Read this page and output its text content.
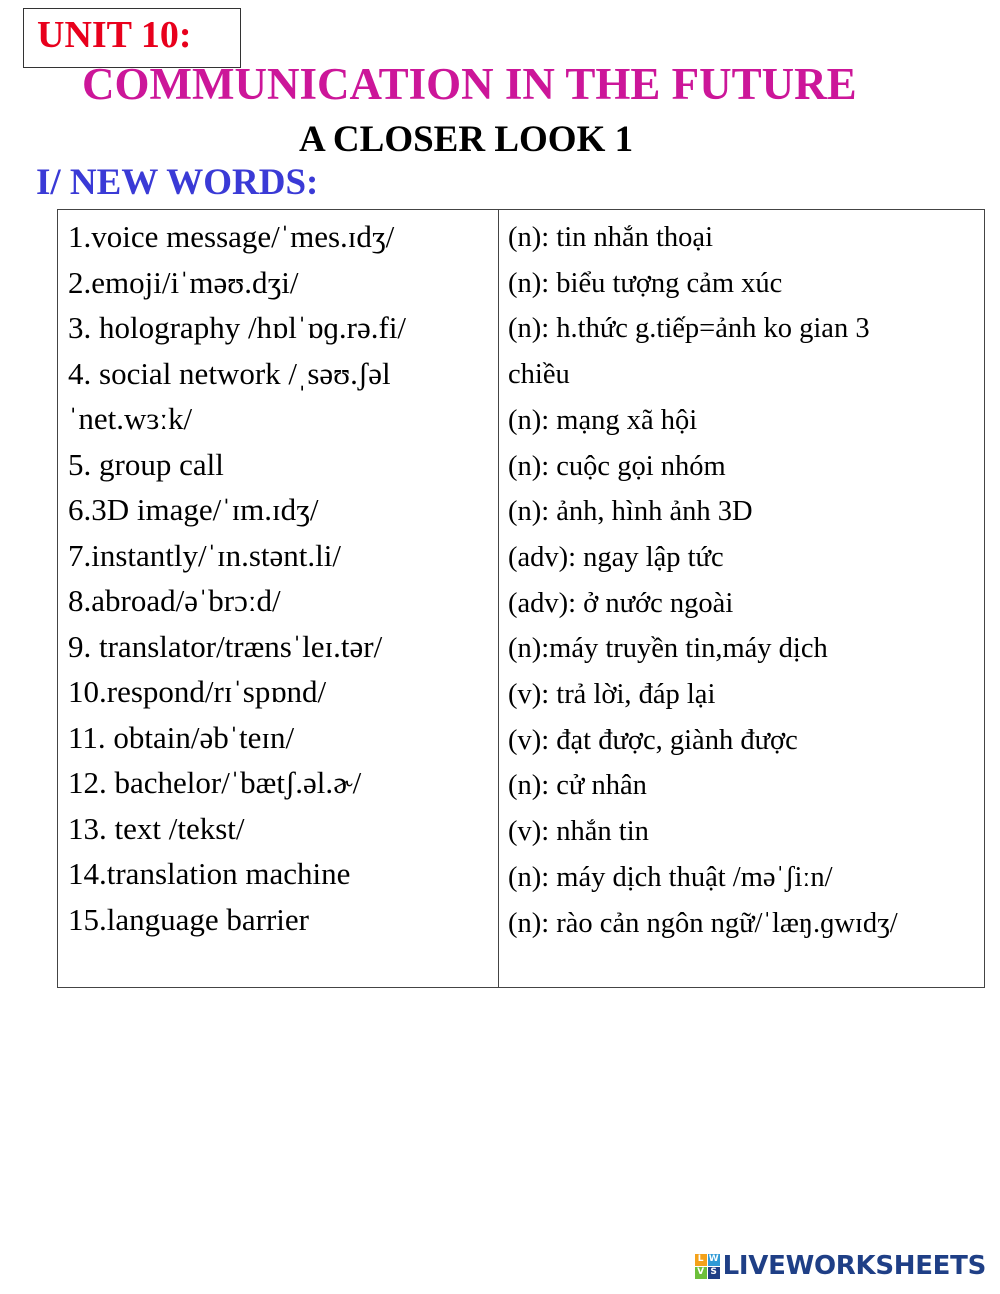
UNIT 10:
COMMUNICATION IN THE FUTURE
A CLOSER LOOK 1
I/ NEW WORDS:
1.voice message/ˈmes.ɪdʒ/
2.emoji/iˈməʊ.dʒi/
3. holography /hɒlˈɒɡ.rə.fi/
4. social network /ˌsəʊ.ʃəl
ˈnet.wɜːk/
5. group call
6.3D image/ˈɪm.ɪdʒ/
7.instantly/ˈɪn.stənt.li/
8.abroad/əˈbrɔːd/
9. translator/trænsˈleɪ.tər/
10.respond/rɪˈspɒnd/
11. obtain/əbˈteɪn/
12. bachelor/ˈbætʃ.əl.ɚ/
13. text /tekst/
14.translation machine
15.language barrier
(n): tin nhắn thoại
(n): biểu tượng cảm xúc
(n): h.thức g.tiếp=ảnh ko gian 3
chiều
(n): mạng xã hội
(n): cuộc gọi nhóm
(n): ảnh, hình ảnh 3D
(adv): ngay lập tức
(adv): ở nước ngoài
(n):máy truyền tin,máy dịch
(v): trả lời, đáp lại
(v): đạt được, giành được
(n): cử nhân
(v): nhắn tin
(n): máy dịch thuật /məˈʃiːn/
(n): rào cản ngôn ngữ/ˈlæŋ.ɡwɪdʒ/
L W
V S LIVEWORKSHEETS
